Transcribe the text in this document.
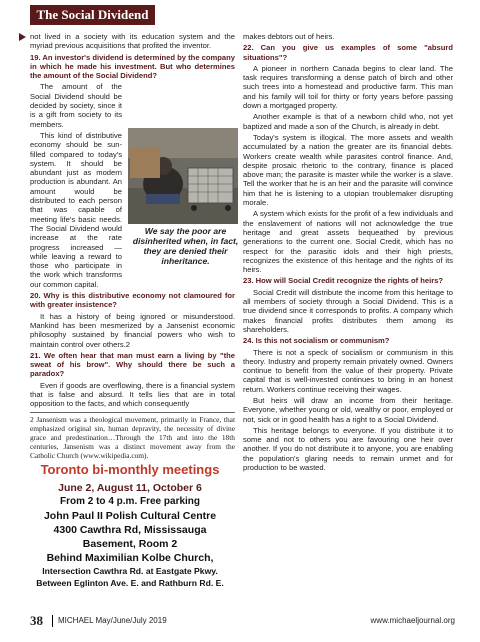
The Social Dividend

not lived in a society with its education system and the myriad previous acquisitions that profited the inventor.

19. An investor's dividend is determined by the company in which he made his investment. But who determines the amount of the Social Dividend?

The amount of the Social Dividend should be decided by society, since it is a gift from society to its members.

This kind of distributive economy should be sun-filled compared to today's system. It should be abundant just as modern production is abundant. An amount would be distributed to each person that was capable of meeting life's basic needs. The Social Dividend would increase at the rate progress increased — while leaving a reward to those who participate in the work which transforms our common capital.

20. Why is this distributive economy not clamoured for with greater insistence?

It has a history of being ignored or misunderstood. Mankind has been mesmerized by a Jansenist economic philosophy sustained by financial powers who wish to maintain control over others.2

21. We often hear that man must earn a living by "the sweat of his brow". Why should there be such a paradox?

Even if goods are overflowing, there is a financial system that is false and absurd. It tells lies that are in total opposition to the facts, and which consequently

2 Jansenism was a theological movement, primarily in France, that emphasized original sin, human depravity, the necessity of divine grace and predestination…Through the 17th and into the 18th centuries, Jansenism was a distinct movement away from the Catholic Church (www.wikipedia.com).

We say the poor are disinherited when, in fact, they are denied their inheritance.

makes debtors out of heirs.

22. Can you give us examples of some "absurd situations"?

A pioneer in northern Canada begins to clear land. The task requires transforming a dense patch of birch and other such trees into a homestead and productive farm. This man and his family will toil for thirty or forty years before passing down a mortgaged property.

Another example is that of a newborn child who, not yet baptized and made a son of the Church, is already in debt.

Today's system is illogical. The more assets and wealth accumulated by a nation the greater are its financial debts. Workers create wealth while parasites control finance. And, despite prosaic rhetoric to the contrary, finance is placed above man; the parasite is master while the worker is a slave. Tell the worker that he is an heir and the parasite will convince him that he is listening to a utopian troublemaker disrupting morale.

A system which exists for the profit of a few individuals and the enslavement of nations will not acknowledge the true heritage and great assets bequeathed by previous generations to the current one. Social Credit, which has no respect for the parasitic idols and their high priests, recognizes the existence of this heritage and the rights of its heirs.

23. How will Social Credit recognize the rights of heirs?

Social Credit will distribute the income from this heritage to all members of society through a Social Dividend. This is a true dividend since it corresponds to profits. A company which makes financial profits distributes them among its shareholders.

24. Is this not socialism or communism?

There is not a speck of socialism or communism in this theory. Industry and property remain privately owned. Owners continue to benefit from the value of their property. Private capital that is well-invested continues to bring in an honest return. Workers continue receiving their wages.

But heirs will draw an income from their heritage. Everyone, whether young or old, wealthy or poor, employed or not, sick or in good health has a right to a Social Dividend.

This heritage belongs to everyone. If you distribute it to some and not to others you are favouring one heir over another. If you do not distribute it to anyone, you are enabling the population's glaring needs to remain unmet and for production to be wasted.

Toronto bi-monthly meetings
June 2, August 11, October 6
From 2 to 4 p.m. Free parking
John Paul II Polish Cultural Centre
4300 Cawthra Rd, Mississauga
Basement, Room 2
Behind Maximilian Kolbe Church,
Intersection Cawthra Rd. at Eastgate Pkwy.
Between Eglinton Ave. E. and Rathburn Rd. E.
38 MICHAEL May/June/July 2019	www.michaeljournal.org
